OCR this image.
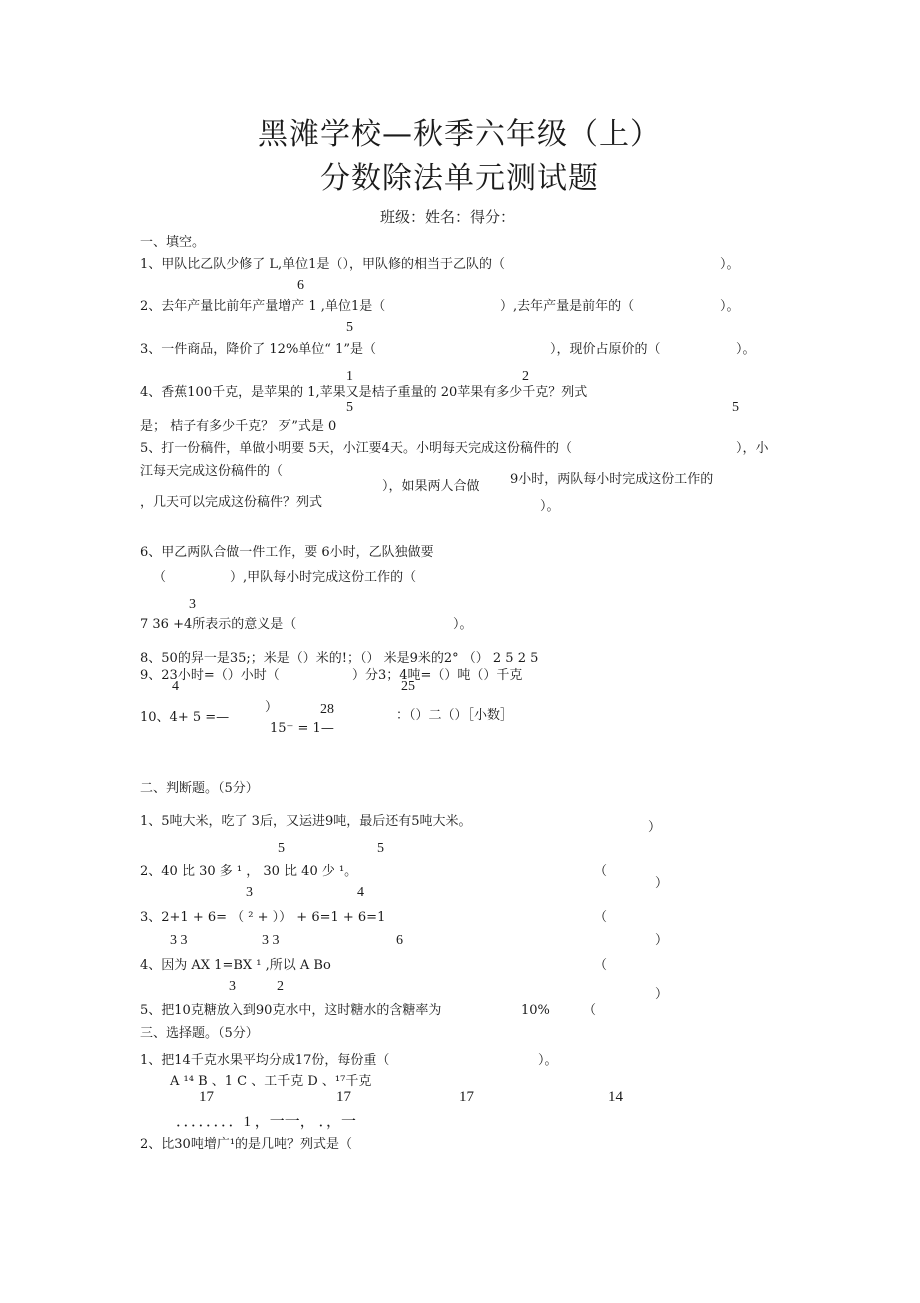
黑滩学校—秋季六年级（上）
分数除法单元测试题
班级：姓名：得分：
一、填空。
1、甲队比乙队少修了 L,单位1是（），甲队修的相当于乙队的（	）。
6
2、去年产量比前年产量增产 1 ,单位1是（	）,去年产量是前年的（	）。
5
3、一件商品，降价了 12%单位“ 1”是（	），现价占原价的（	）。
1	2
4、香蕉100千克，是苹果的 1,苹果又是桔子重量的 20苹果有多少千克？列式
5	5
是； 桔子有多少千克？ 歹”式是 0
5、打一份稿件，单做小明要 5天，小江要4天。小明每天完成这份稿件的（	），小
江每天完成这份稿件的（
），如果两人合做 9小时，两队每小时完成这份工作的
，几天可以完成这份稿件？列式	）。
6、甲乙两队合做一件工作，要 6小时，乙队独做要
（	）,甲队每小时完成这份工作的（
3
7 36 +4所表示的意义是（	）。
8、50的舁一是35;；米是（）米的!；（） 米是9米的2° （） 2 5 2 5
9、23小时=（）小时（	）分3；4吨=（）吨（）千克
4	25
）	28
10、4+ 5 =—
15⁻ = 1—
：（）二（）［小数］
二、判断题。（5分）
1、5吨大米，吃了 3后，又运进9吨，最后还有5吨大米。	）
5	5
2、40 比 30 多 ¹ ， 30 比 40 少 ¹。	（
）
3	4
3、2+1 + 6= （ ² + ）） + 6=1 + 6=1	（
3 3	3 3	6	）
4、因为 AX 1=BX ¹ ,所以 A Bo	（
3	2
）
5、把10克糖放入到90克水中，这时糖水的含糖率为	10%	（
三、选择题。（5分）
1、把14千克水果平均分成17份，每份重（	）。
A ¹⁴ B 、1 C 、工千克 D 、¹⁷千克
17	17	17	14
．．．．．．．．1 ，一一， ．，一
2、比30吨增广¹的是几吨？列式是（
